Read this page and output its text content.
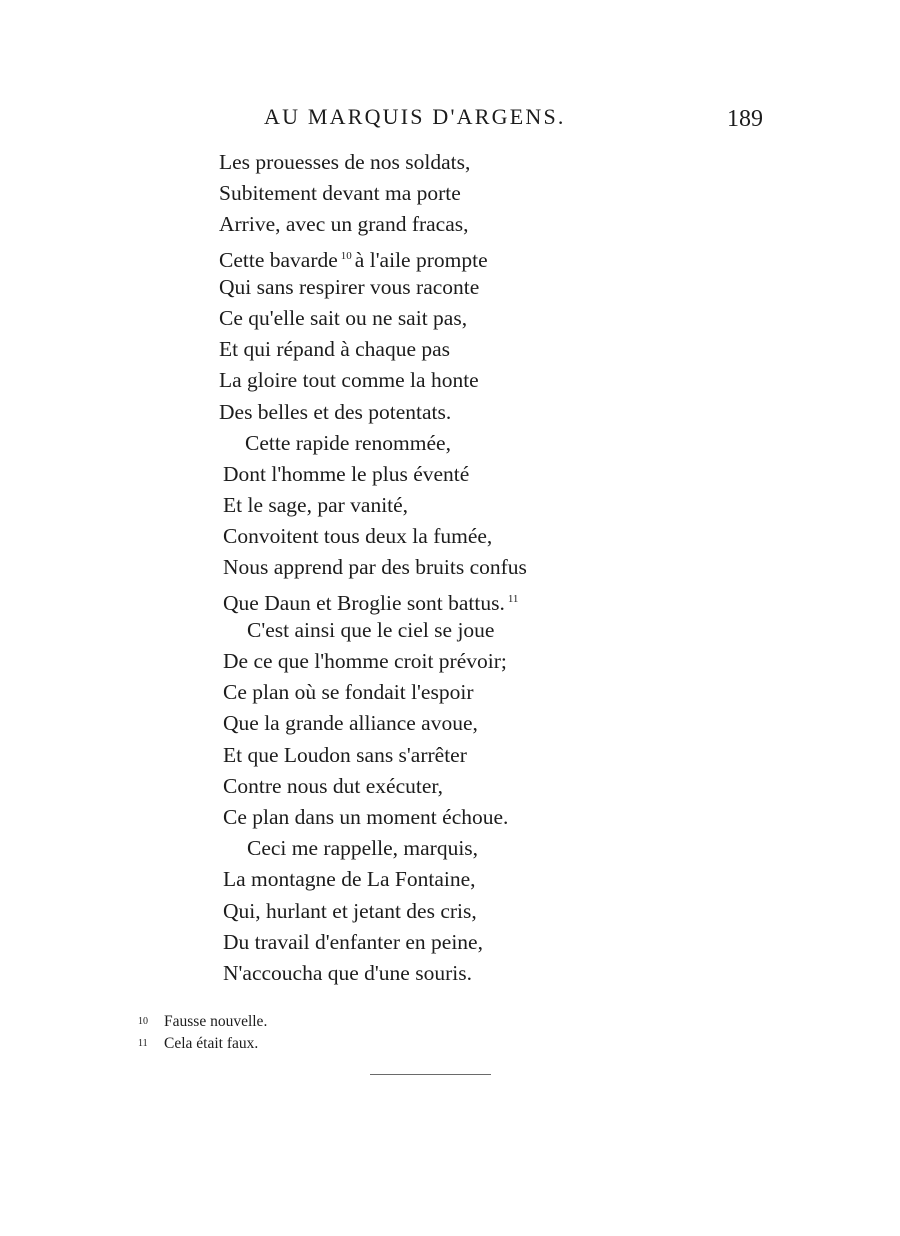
AU MARQUIS D'ARGENS.	189
Les prouesses de nos soldats,
Subitement devant ma porte
Arrive, avec un grand fracas,
Cette bavarde $^{10}$ à l'aile prompte
Qui sans respirer vous raconte
Ce qu'elle sait ou ne sait pas,
Et qui répand à chaque pas
La gloire tout comme la honte
Des belles et des potentats.
Cette rapide renommée,
Dont l'homme le plus éventé
Et le sage, par vanité,
Convoitent tous deux la fumée,
Nous apprend par des bruits confus
Que Daun et Broglie sont battus. $^{11}$
C'est ainsi que le ciel se joue
De ce que l'homme croit prévoir;
Ce plan où se fondait l'espoir
Que la grande alliance avoue,
Et que Loudon sans s'arrêter
Contre nous dut exécuter,
Ce plan dans un moment échoue.
Ceci me rappelle, marquis,
La montagne de La Fontaine,
Qui, hurlant et jetant des cris,
Du travail d'enfanter en peine,
N'accoucha que d'une souris.
10 Fausse nouvelle.
11 Cela était faux.
